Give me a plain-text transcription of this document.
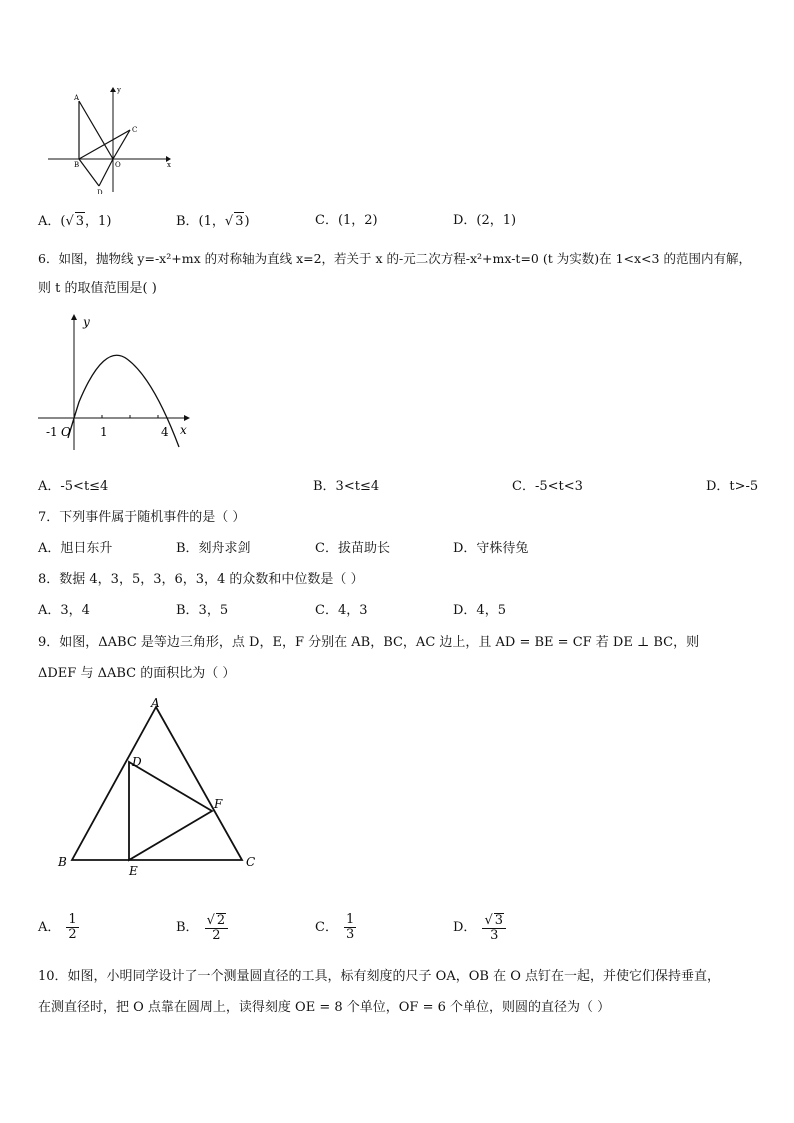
A
B
C
D
O	x
y
A．(√ 3，1)	B．(1，√ 3)	C．(1，2)	D．(2，1)
6．如图，抛物线 y=-x²+mx 的对称轴为直线 x=2，若关于 x 的-元二次方程-x²+mx-t=0 (t 为实数)在 1<x<3 的范围内有解，
则 t 的取值范围是( )
y
x
-1 O 1	4
A．-5<t≤4	B．3<t≤4	C．-5<t<3	D．t>-5
7．下列事件属于随机事件的是（ ）
A．旭日东升	B．刻舟求剑	C．拔苗助长	D．守株待兔
8．数据 4，3，5，3，6，3，4 的众数和中位数是（ ）
A．3，4	B．3，5	C．4，3	D．4，5
9．如图，ΔABC 是等边三角形，点 D，E，F 分别在 AB，BC，AC 边上，且 AD = BE = CF 若 DE ⊥ BC，则
ΔDEF 与 ΔABC 的面积比为（ ）
A
B	C
D
E
F
A． $\frac{1}{2}$	B． $\frac{√ 2}{2}$	C． $\frac{1}{3}$	D． $\frac{√ 3}{3}$
10．如图，小明同学设计了一个测量圆直径的工具，标有刻度的尺子 OA，OB 在 O 点钉在一起，并使它们保持垂直，
在测直径时，把 O 点靠在圆周上，读得刻度 OE = 8 个单位，OF = 6 个单位，则圆的直径为（ ）
